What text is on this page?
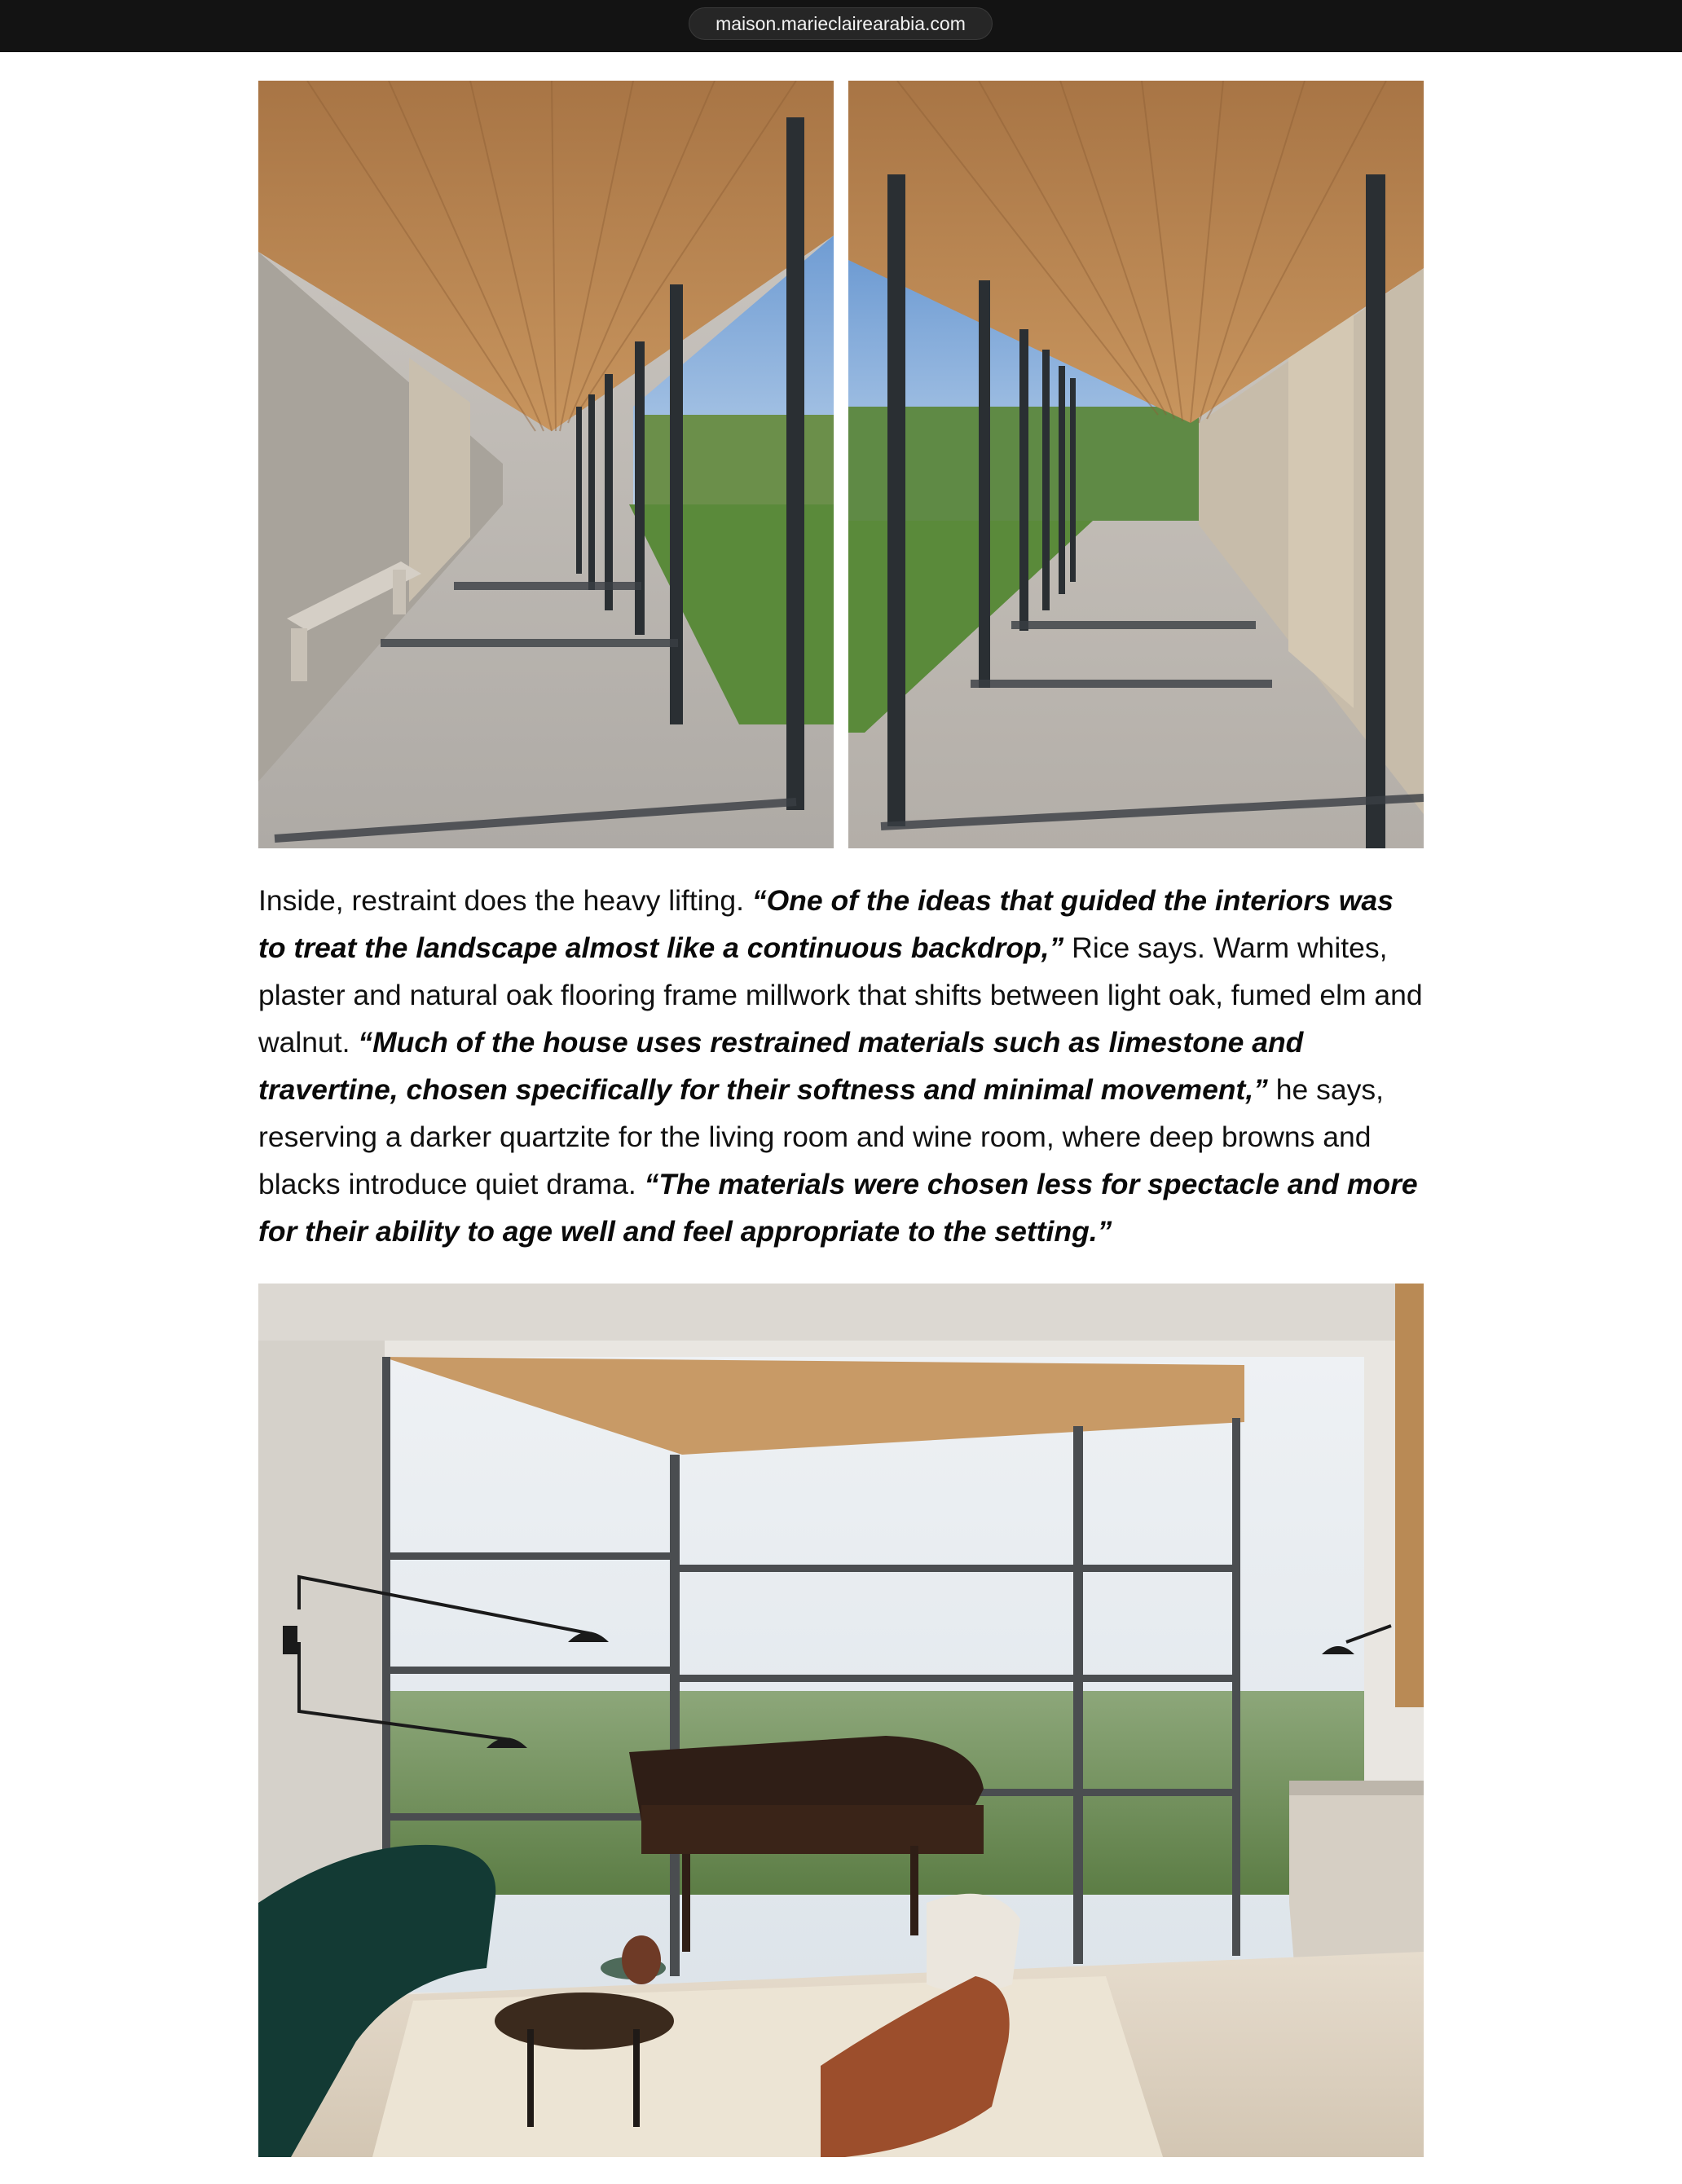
maison.marieclairearabia.com

Inside, restraint does the heavy lifting. “One of the ideas that guided the interiors was to treat the landscape almost like a continuous backdrop,” Rice says. Warm whites, plaster and natural oak flooring frame millwork that shifts between light oak, fumed elm and walnut. “Much of the house uses restrained materials such as limestone and travertine, chosen specifically for their softness and minimal movement,” he says, reserving a darker quartzite for the living room and wine room, where deep browns and blacks introduce quiet drama. “The materials were chosen less for spectacle and more for their ability to age well and feel appropriate to the setting.”
